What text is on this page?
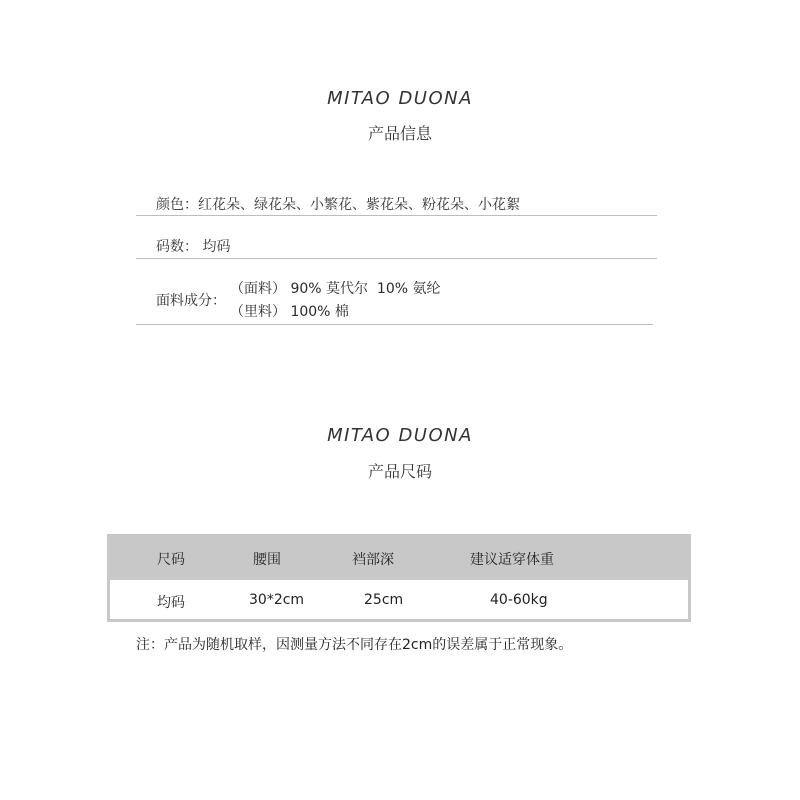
MITAO DUONA
产品信息
颜色：红花朵、绿花朵、小繁花、紫花朵、粉花朵、小花絮
码数： 均码
面料成分：
（面料） 90% 莫代尔  10% 氨纶
（里料） 100% 棉
MITAO DUONA
产品尺码
尺码	腰围	裆部深	建议适穿体重
均码	30*2cm	25cm	40-60kg
注：产品为随机取样，因测量方法不同存在2cm的误差属于正常现象。
